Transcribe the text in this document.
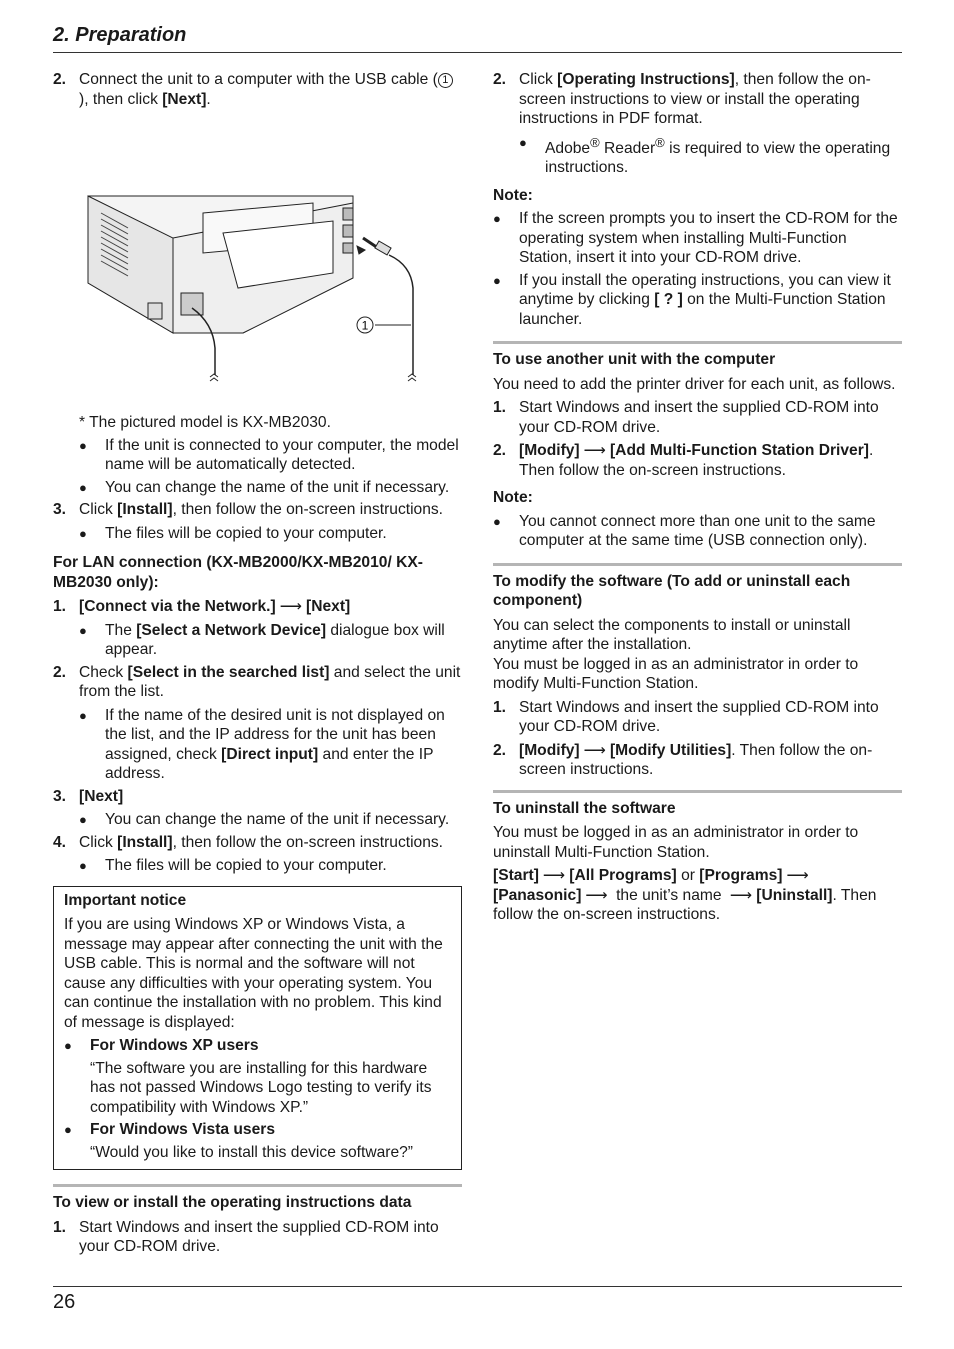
2. Preparation
2. Connect the unit to a computer with the USB cable ( 1), then click [Next].
1
* The pictured model is KX-MB2030.
●	If the unit is connected to your computer, the model name will be automatically detected.
●	You can change the name of the unit if necessary.
3. Click [Install], then follow the on-screen instructions.
●	The files will be copied to your computer.
For LAN connection (KX-MB2000/KX-MB2010/ KX-MB2030 only):
1. [Connect via the Network.] ⟶ [Next]
●	The [Select a Network Device] dialogue box will appear.
2. Check [Select in the searched list] and select the unit from the list.
●	If the name of the desired unit is not displayed on the list, and the IP address for the unit has been assigned, check [Direct input] and enter the IP address.
3. [Next]
●	You can change the name of the unit if necessary.
4. Click [Install], then follow the on-screen instructions.
●	The files will be copied to your computer.
Important notice
If you are using Windows XP or Windows Vista, a message may appear after connecting the unit with the USB cable. This is normal and the software will not cause any difficulties with your operating system. You can continue the installation with no problem. This kind of message is displayed:
●	For Windows XP users
“The software you are installing for this hardware has not passed Windows Logo testing to verify its compatibility with Windows XP.”
●	For Windows Vista users
“Would you like to install this device software?”
To view or install the operating instructions data
1. Start Windows and insert the supplied CD-ROM into your CD-ROM drive.
2. Click [Operating Instructions], then follow the on-screen instructions to view or install the operating instructions in PDF format.
●	Adobe® Reader® is required to view the operating instructions.
Note:
●	If the screen prompts you to insert the CD-ROM for the operating system when installing Multi-Function Station, insert it into your CD-ROM drive.
●	If you install the operating instructions, you can view it anytime by clicking [ ? ] on the Multi-Function Station launcher.
To use another unit with the computer
You need to add the printer driver for each unit, as follows.
1. Start Windows and insert the supplied CD-ROM into your CD-ROM drive.
2. [Modify] ⟶ [Add Multi-Function Station Driver]. Then follow the on-screen instructions.
Note:
●	You cannot connect more than one unit to the same computer at the same time (USB connection only).
To modify the software (To add or uninstall each component)
You can select the components to install or uninstall anytime after the installation.
You must be logged in as an administrator in order to modify Multi-Function Station.
1. Start Windows and insert the supplied CD-ROM into your CD-ROM drive.
2. [Modify] ⟶ [Modify Utilities]. Then follow the on-screen instructions.
To uninstall the software
You must be logged in as an administrator in order to uninstall Multi-Function Station.
[Start] ⟶ [All Programs] or [Programs] ⟶ [Panasonic] ⟶ the unit’s name ⟶ [Uninstall]. Then follow the on-screen instructions.
26
